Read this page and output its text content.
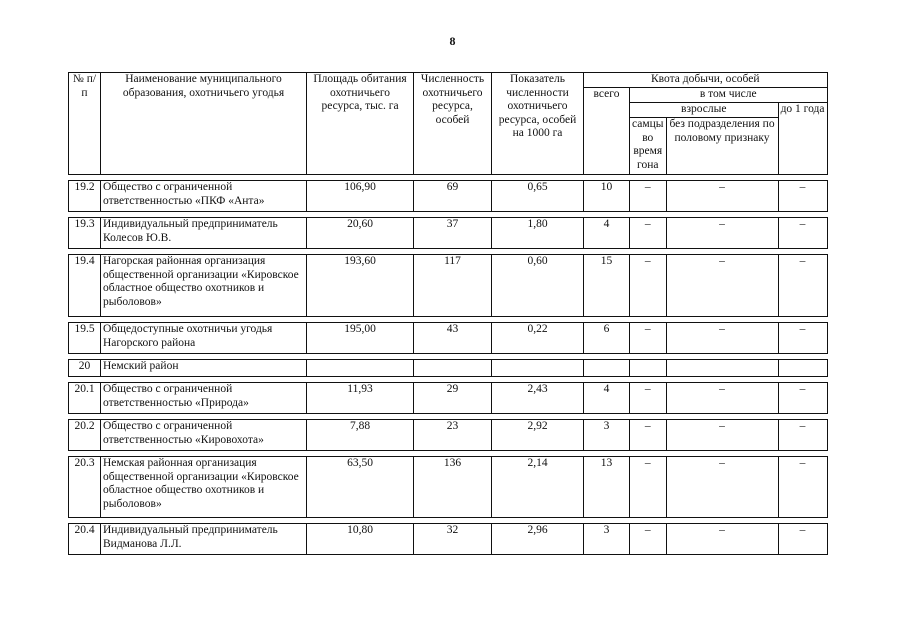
8
№ п/п	Наименование муниципального образования, охотничьего угодья	Площадь обитания охотничьего ресурса, тыс. га	Численность охотничьего ресурса, особей	Показатель численности охотничьего ресурса, особей на 1000 га	Квота добычи, особей			
					всего	в том числе		
						взрослые		до 1 года
						самцы во время гона	без подразделения по половому признаку	

19.2	Общество с ограниченной ответственностью «ПКФ «Анта»	106,90	69	0,65	10	–	–	–

19.3	Индивидуальный предприниматель Колесов Ю.В.	20,60	37	1,80	4	–	–	–

19.4	Нагорская районная организация общественной организации «Кировское областное общество охотников и рыболовов»	193,60	117	0,60	15	–	–	–

19.5	Общедоступные охотничьи угодья Нагорского района	195,00	43	0,22	6	–	–	–

20	Немский район							

20.1	Общество с ограниченной ответственностью «Природа»	11,93	29	2,43	4	–	–	–

20.2	Общество с ограниченной ответственностью «Кировохота»	7,88	23	2,92	3	–	–	–

20.3	Немская районная организация общественной организации «Кировское областное общество охотников и рыболовов»	63,50	136	2,14	13	–	–	–

20.4	Индивидуальный предприниматель Видманова Л.Л.	10,80	32	2,96	3	–	–	–
